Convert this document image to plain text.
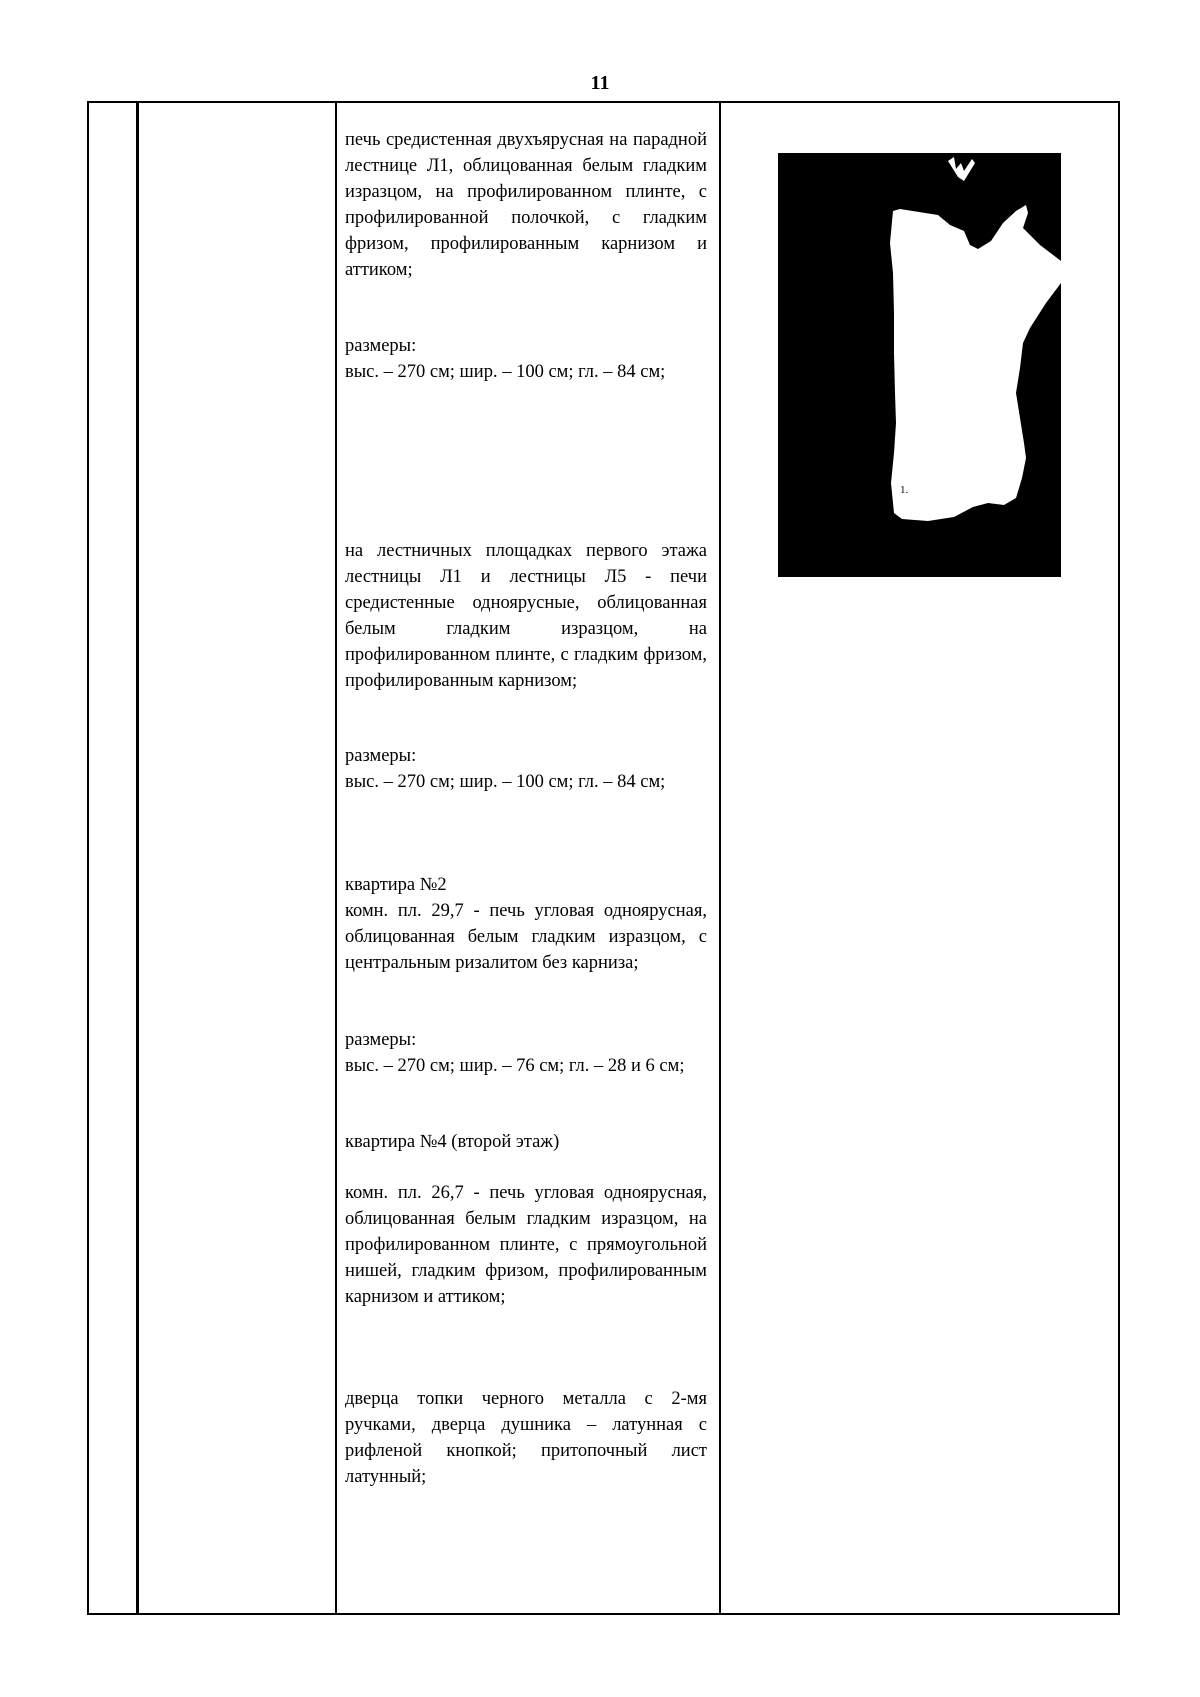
11

печь средистенная двухъярусная на парадной лестнице Л1, облицованная белым гладким изразцом, на профилированном плинте, с профилированной полочкой, с гладким фризом, профилированным карнизом и аттиком;

размеры:

выс. – 270 см; шир. – 100 см; гл. – 84 см;

на лестничных площадках первого этажа лестницы Л1 и лестницы Л5 - печи средистенные одноярусные, облицованная белым гладким изразцом, на профилированном плинте, с гладким фризом, профилированным карнизом;

размеры:

выс. – 270 см; шир. – 100 см; гл. – 84 см;

квартира №2

комн. пл. 29,7 - печь угловая одноярусная, облицованная белым гладким изразцом, с центральным ризалитом без карниза;

размеры:

выс. – 270 см; шир. – 76 см; гл. – 28 и 6 см;

квартира №4 (второй этаж)

комн. пл. 26,7 - печь угловая одноярусная, облицованная белым гладким изразцом, на профилированном плинте, с прямоугольной нишей, гладким фризом, профилированным карнизом и аттиком;

дверца топки черного металла с 2-мя ручками, дверца душника – латунная с рифленой кнопкой; притопочный лист латунный;

1.
